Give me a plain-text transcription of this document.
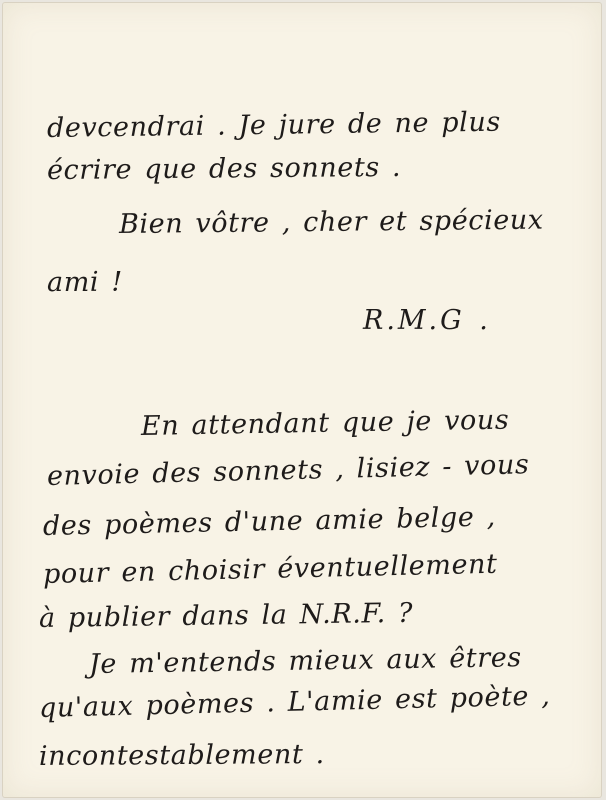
devcendrai . Je jure de ne plus
écrire que des sonnets .
Bien vôtre , cher et spécieux
ami !
R.M.G .
En attendant que je vous
envoie des sonnets , lisiez - vous
des poèmes d'une amie belge ,
pour en choisir éventuellement
à publier dans la N.R.F. ?
Je m'entends mieux aux êtres
qu'aux poèmes . L'amie est poète ,
incontestablement .
